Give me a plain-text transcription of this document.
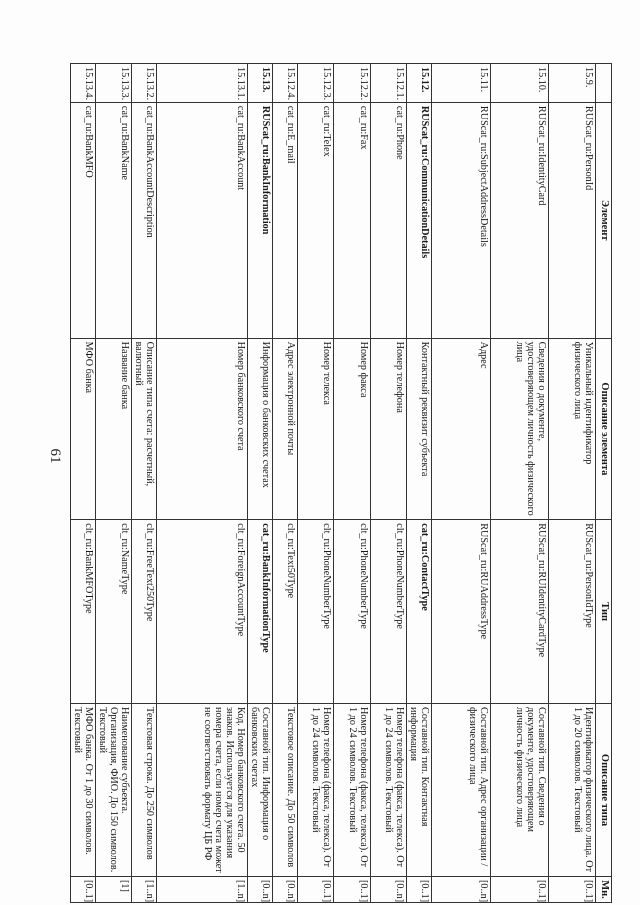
61
	Элемент	Описание элемента	Тип	Описание типа	Мн.
15.9.	RUScat_ru:PersonId	Уникальный идентификатор физического лица	RUScat_ru:PersonIdType	Идентификатор физического лица. От 1 до 20 символов. Текстовый	[0..1]
15.10.	RUScat_ru:IdentityCard	Сведения о документе, удостоверяющем личность физического лица	RUScat_ru:RUIdentityCardType	Составной тип. Сведения о документе, удостоверяющем личность физического лица	[0..1]
15.11.	RUScat_ru:SubjectAddressDetails	Адрес	RUScat_ru:RUAddressType	Составной тип. Адрес организации / физического лица	[0..n]
15.12.	RUScat_ru:CommunicationDetails	Контактный реквизит субъекта	cat_ru:ContactType	Составной тип. Контактная информация	[0..1]
15.12.1.	cat_ru:Phone	Номер телефона	clt_ru:PhoneNumberType	Номер телефона (факса, телекса). От 1 до 24 символов. Текстовый	[0..n]
15.12.2.	cat_ru:Fax	Номер факса	clt_ru:PhoneNumberType	Номер телефона (факса, телекса). От 1 до 24 символов. Текстовый	[0..1]
15.12.3.	cat_ru:Telex	Номер телекса	clt_ru:PhoneNumberType	Номер телефона (факса, телекса). От 1 до 24 символов. Текстовый	[0..1]
15.12.4.	cat_ru:E_mail	Адрес электронной почты	clt_ru:Text50Type	Текстовое описание. До 50 символов	[0..n]
15.13.	RUScat_ru:BankInformation	Информация о банковских счетах	cat_ru:BankInformationType	Составной тип. Информация о банковских счетах	[0..n]
15.13.1.	cat_ru:BankAccount	Номер банковского счета	clt_ru:ForeignAccountType	Код. Номер банковского счета. 50 знаков. Используется для указания номера счета, если номер счета может не соответствовать формату ЦБ РФ	[1..n]
15.13.2.	cat_ru:BankAccountDescription	Описание типа счета: расчетный, валютный	clt_ru:FreeText250Type	Текстовая строка. До 250 символов	[1..n]
15.13.3.	cat_ru:BankName	Название банка	clt_ru:NameType	Наименование субъекта. Организация, ФИО. До 150 символов. Текстовый	[1]
15.13.4.	cat_ru:BankMFO	МФО банка	clt_ru:BankMFOType	МФО банка. От 1 до 30 символов. Текстовый	[0..1]
